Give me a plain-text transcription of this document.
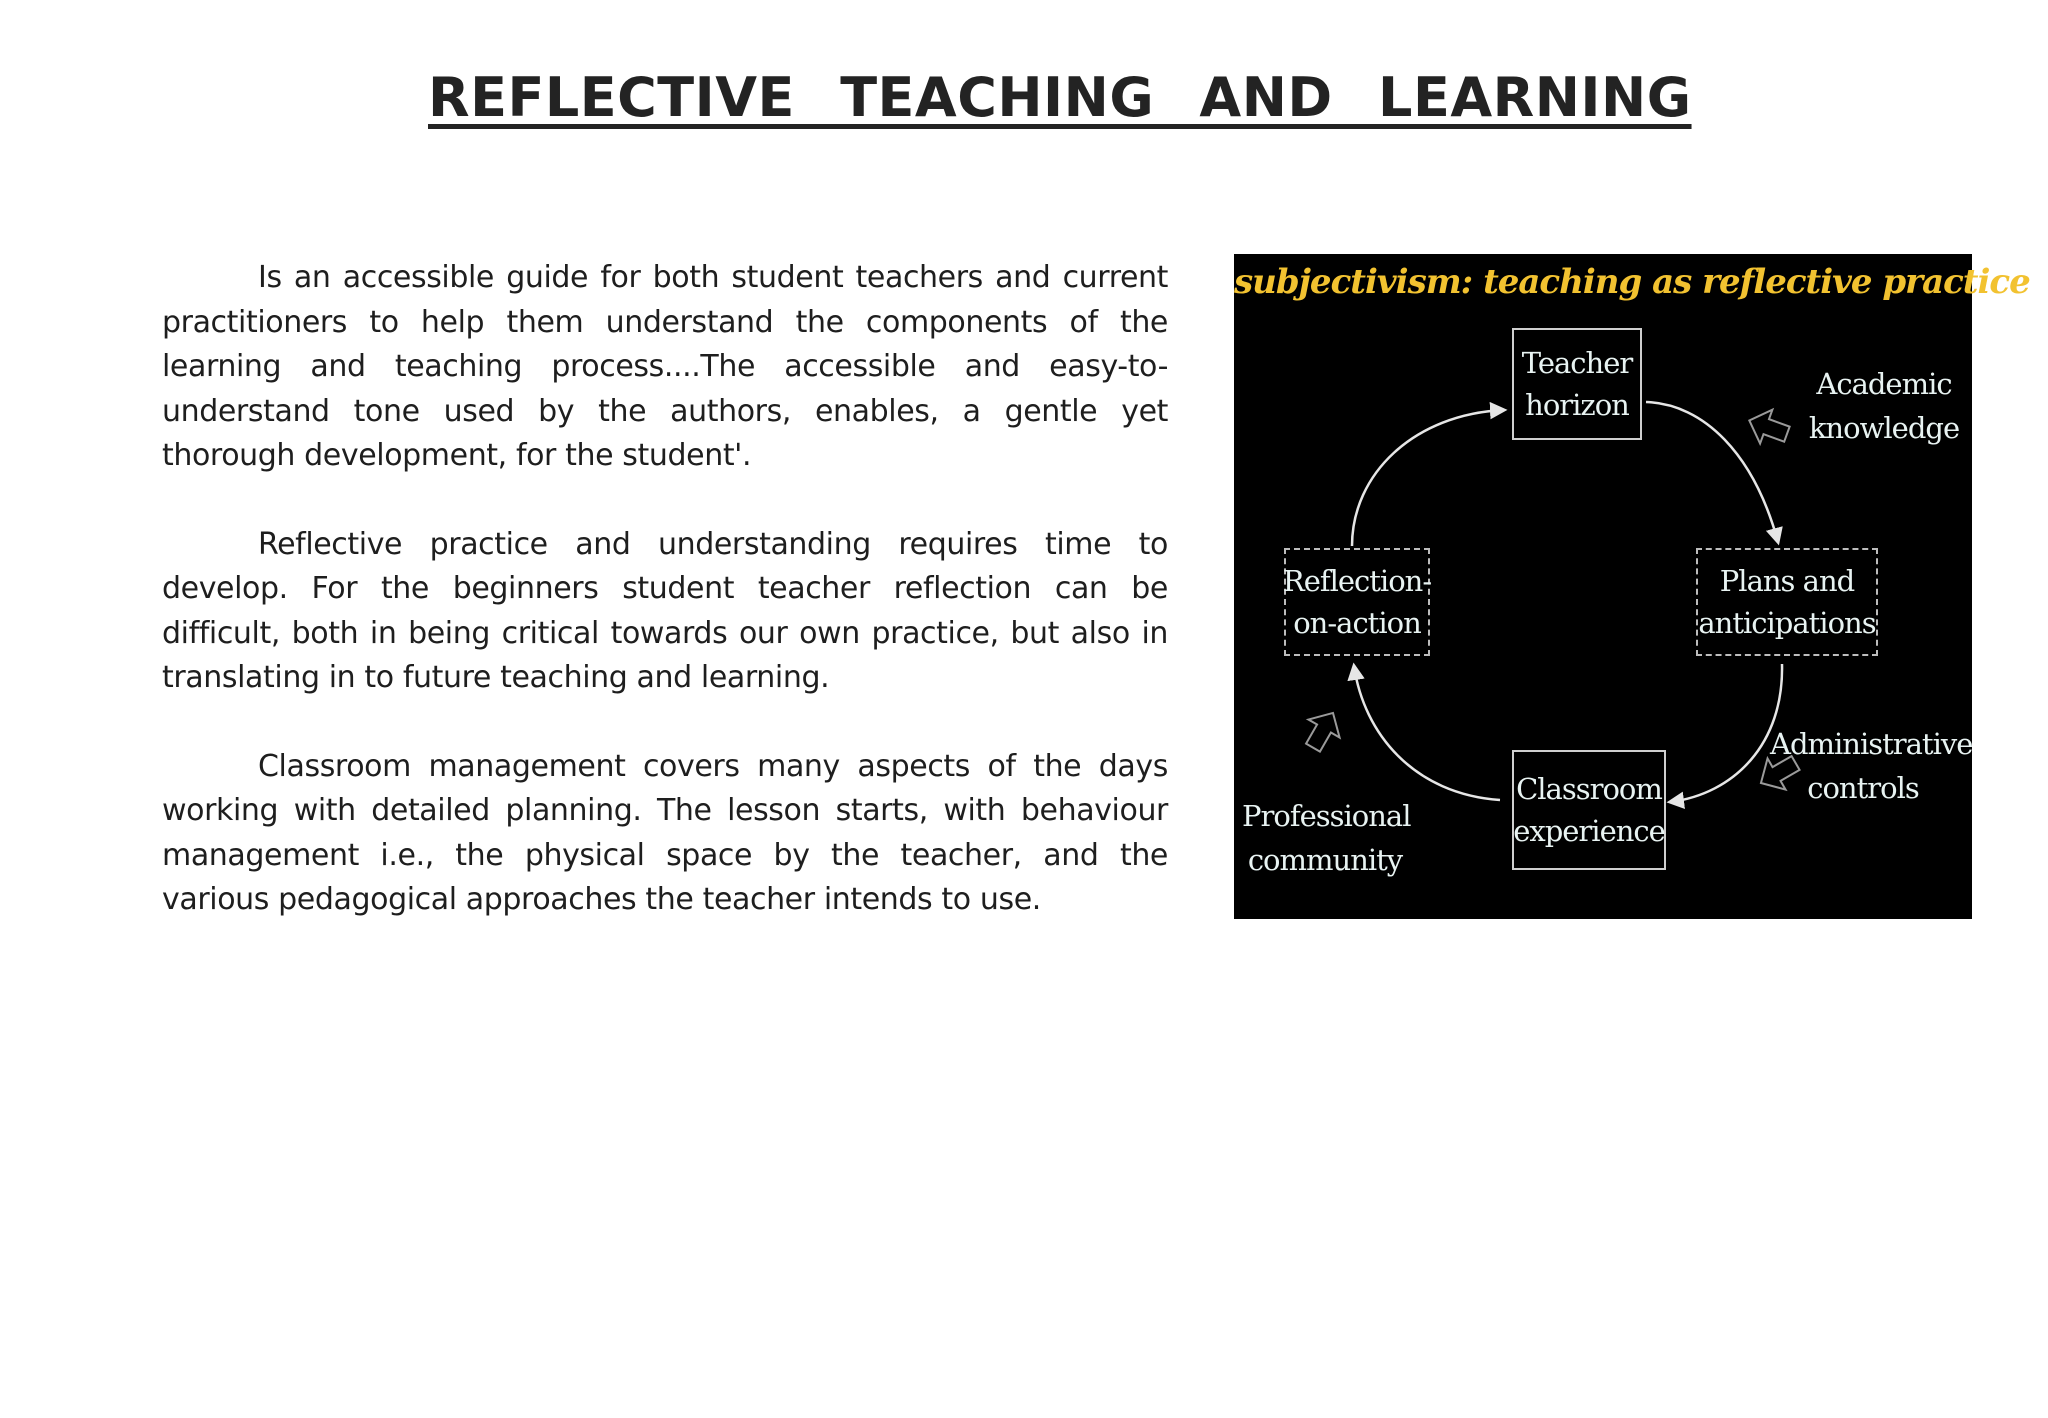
REFLECTIVE TEACHING AND LEARNING

Is an accessible guide for both student teachers and current practitioners to help them understand the components of the learning and teaching process....The accessible and easy-to-understand tone used by the authors, enables, a gentle yet thorough development, for the student'.

Reflective practice and understanding requires time to develop. For the beginners student teacher reflection can be difficult, both in being critical towards our own practice, but also in translating in to future teaching and learning.

Classroom management covers many aspects of the days working with detailed planning. The lesson starts, with behaviour management i.e., the physical space by the teacher, and the various pedagogical approaches the teacher intends to use.

subjectivism: teaching as reflective practice
Teacher
horizon
Plans and
anticipations
Classroom
experience
Reflection-
on-action
Academic
knowledge
Administrative
controls
Professional
community
